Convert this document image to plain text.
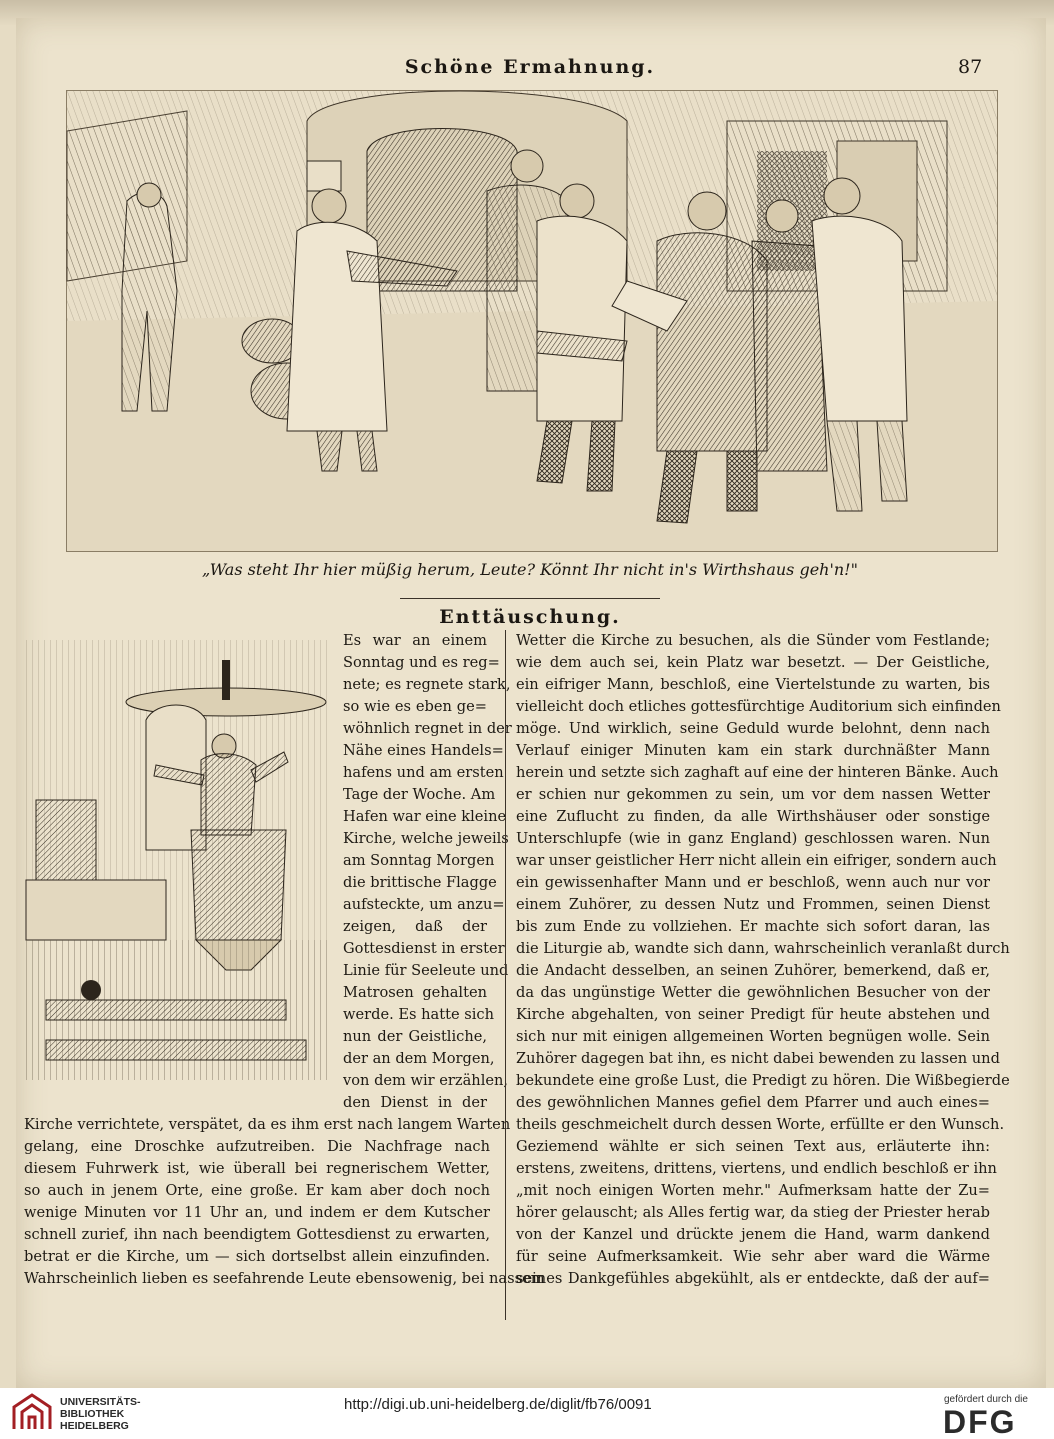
Schöne Ermahnung.	87
„Was steht Ihr hier müßig herum, Leute? Könnt Ihr nicht in's Wirthshaus geh'n!"
Enttäuschung.
Es war an einem
Sonntag und es reg=
nete; es regnete stark,
so wie es eben ge=
wöhnlich regnet in der
Nähe eines Handels=
hafens und am ersten
Tage der Woche. Am
Hafen war eine kleine
Kirche, welche jeweils
am Sonntag Morgen
die brittische Flagge
aufsteckte, um anzu=
zeigen, daß der
Gottesdienst in erster
Linie für Seeleute und
Matrosen gehalten
werde. Es hatte sich
nun der Geistliche,
der an dem Morgen,
von dem wir erzählen,
den Dienst in der
Kirche verrichtete, verspätet, da es ihm erst nach langem Warten
gelang, eine Droschke aufzutreiben. Die Nachfrage nach
diesem Fuhrwerk ist, wie überall bei regnerischem Wetter,
so auch in jenem Orte, eine große. Er kam aber doch noch
wenige Minuten vor 11 Uhr an, und indem er dem Kutscher
schnell zurief, ihn nach beendigtem Gottesdienst zu erwarten,
betrat er die Kirche, um — sich dortselbst allein einzufinden.
Wahrscheinlich lieben es seefahrende Leute ebensowenig, bei nassem
Wetter die Kirche zu besuchen, als die Sünder vom Festlande;
wie dem auch sei, kein Platz war besetzt. — Der Geistliche,
ein eifriger Mann, beschloß, eine Viertelstunde zu warten, bis
vielleicht doch etliches gottesfürchtige Auditorium sich einfinden
möge. Und wirklich, seine Geduld wurde belohnt, denn nach
Verlauf einiger Minuten kam ein stark durchnäßter Mann
herein und setzte sich zaghaft auf eine der hinteren Bänke. Auch
er schien nur gekommen zu sein, um vor dem nassen Wetter
eine Zuflucht zu finden, da alle Wirthshäuser oder sonstige
Unterschlupfe (wie in ganz England) geschlossen waren. Nun
war unser geistlicher Herr nicht allein ein eifriger, sondern auch
ein gewissenhafter Mann und er beschloß, wenn auch nur vor
einem Zuhörer, zu dessen Nutz und Frommen, seinen Dienst
bis zum Ende zu vollziehen. Er machte sich sofort daran, las
die Liturgie ab, wandte sich dann, wahrscheinlich veranlaßt durch
die Andacht desselben, an seinen Zuhörer, bemerkend, daß er,
da das ungünstige Wetter die gewöhnlichen Besucher von der
Kirche abgehalten, von seiner Predigt für heute abstehen und
sich nur mit einigen allgemeinen Worten begnügen wolle. Sein
Zuhörer dagegen bat ihn, es nicht dabei bewenden zu lassen und
bekundete eine große Lust, die Predigt zu hören. Die Wißbegierde
des gewöhnlichen Mannes gefiel dem Pfarrer und auch eines=
theils geschmeichelt durch dessen Worte, erfüllte er den Wunsch.
Geziemend wählte er sich seinen Text aus, erläuterte ihn:
erstens, zweitens, drittens, viertens, und endlich beschloß er ihn
„mit noch einigen Worten mehr." Aufmerksam hatte der Zu=
hörer gelauscht; als Alles fertig war, da stieg der Priester herab
von der Kanzel und drückte jenem die Hand, warm dankend
für seine Aufmerksamkeit. Wie sehr aber ward die Wärme
seines Dankgefühles abgekühlt, als er entdeckte, daß der auf=
UNIVERSITÄTS-
BIBLIOTHEK
HEIDELBERG
http://digi.ub.uni-heidelberg.de/diglit/fb76/0091	gefördert durch die
DFG
